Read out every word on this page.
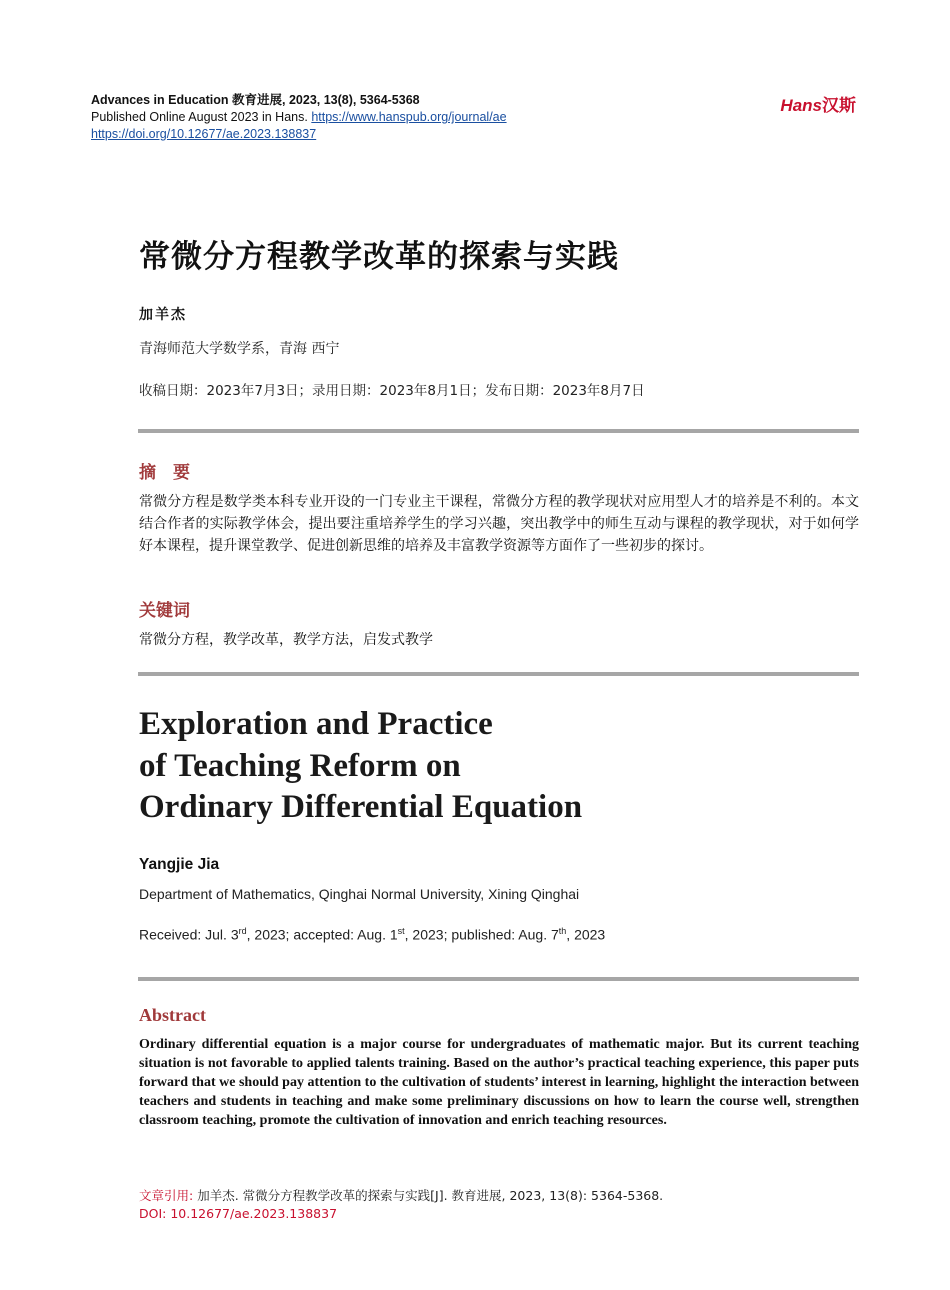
Advances in Education 教育进展, 2023, 13(8), 5364-5368
Published Online August 2023 in Hans. https://www.hanspub.org/journal/ae
https://doi.org/10.12677/ae.2023.138837
Hans汉斯
常微分方程教学改革的探索与实践
加羊杰
青海师范大学数学系，青海 西宁
收稿日期：2023年7月3日；录用日期：2023年8月1日；发布日期：2023年8月7日
摘　要
常微分方程是数学类本科专业开设的一门专业主干课程，常微分方程的教学现状对应用型人才的培养是不利的。本文结合作者的实际教学体会，提出要注重培养学生的学习兴趣，突出教学中的师生互动与课程的教学现状，对于如何学好本课程，提升课堂教学、促进创新思维的培养及丰富教学资源等方面作了一些初步的探讨。
关键词
常微分方程，教学改革，教学方法，启发式教学
Exploration and Practice
of Teaching Reform on
Ordinary Differential Equation
Yangjie Jia
Department of Mathematics, Qinghai Normal University, Xining Qinghai
Received: Jul. 3rd, 2023; accepted: Aug. 1st, 2023; published: Aug. 7th, 2023
Abstract
Ordinary differential equation is a major course for undergraduates of mathematic major. But its current teaching situation is not favorable to applied talents training. Based on the author’s practical teaching experience, this paper puts forward that we should pay attention to the cultivation of students’ interest in learning, highlight the interaction between teachers and students in teaching and make some preliminary discussions on how to learn the course well, strengthen classroom teaching, promote the cultivation of innovation and enrich teaching resources.
文章引用: 加羊杰. 常微分方程教学改革的探索与实践[J]. 教育进展, 2023, 13(8): 5364-5368.
DOI: 10.12677/ae.2023.138837
